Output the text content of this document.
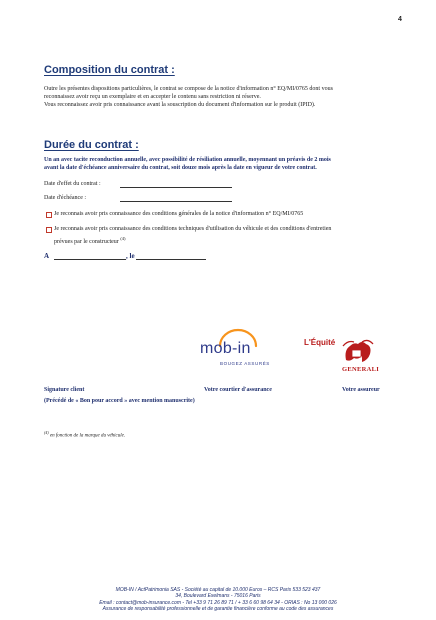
4
Composition du contrat :
Outre les présentes dispositions particulières, le contrat se compose de la notice d'information n° EQ/MI/0765 dont vous
reconnaissez avoir reçu un exemplaire et en accepter le contenu sans restriction ni réserve.
Vous reconnaissez avoir pris connaissance avant la souscription du document d'information sur le produit (IPID).
Durée du contrat :
Un an avec tacite reconduction annuelle, avec possibilité de résiliation annuelle, moyennant un préavis de 2 mois
avant la date d'échéance anniversaire du contrat, soit douze mois après la date en vigueur de votre contrat.
Date d'effet du contrat :
Date d'échéance :
Je reconnais avoir pris connaissance des conditions générales de la notice d'information n° EQ/MI/0765
Je reconnais avoir pris connaissance des conditions techniques d'utilisation du véhicule et des conditions d'entretien
prévues par le constructeur $^{(4)}$
A	, le
mob-in
BOUGEZ ASSURÉS
L'Équité
GENERALI
Signature client
(Précédé de « Bon pour accord » avec mention manuscrite)
Votre courtier d'assurance	Votre assureur
$^{(4)}$ en fonction de la marque du véhicule.
MOB-IN / ActPatrimonia SAS - Société au capital de 10.000 Euros – RCS Paris 533 523 437
34, Boulevard Exelmans - 75016 Paris
Email : contact@mob-insurance.com - Tel +33 9 71 26 89 71 / + 33 6 60 98 64 34 - ORIAS : No 13 000 026
Assurance de responsabilité professionnelle et de garantie financière conforme au code des assurances
